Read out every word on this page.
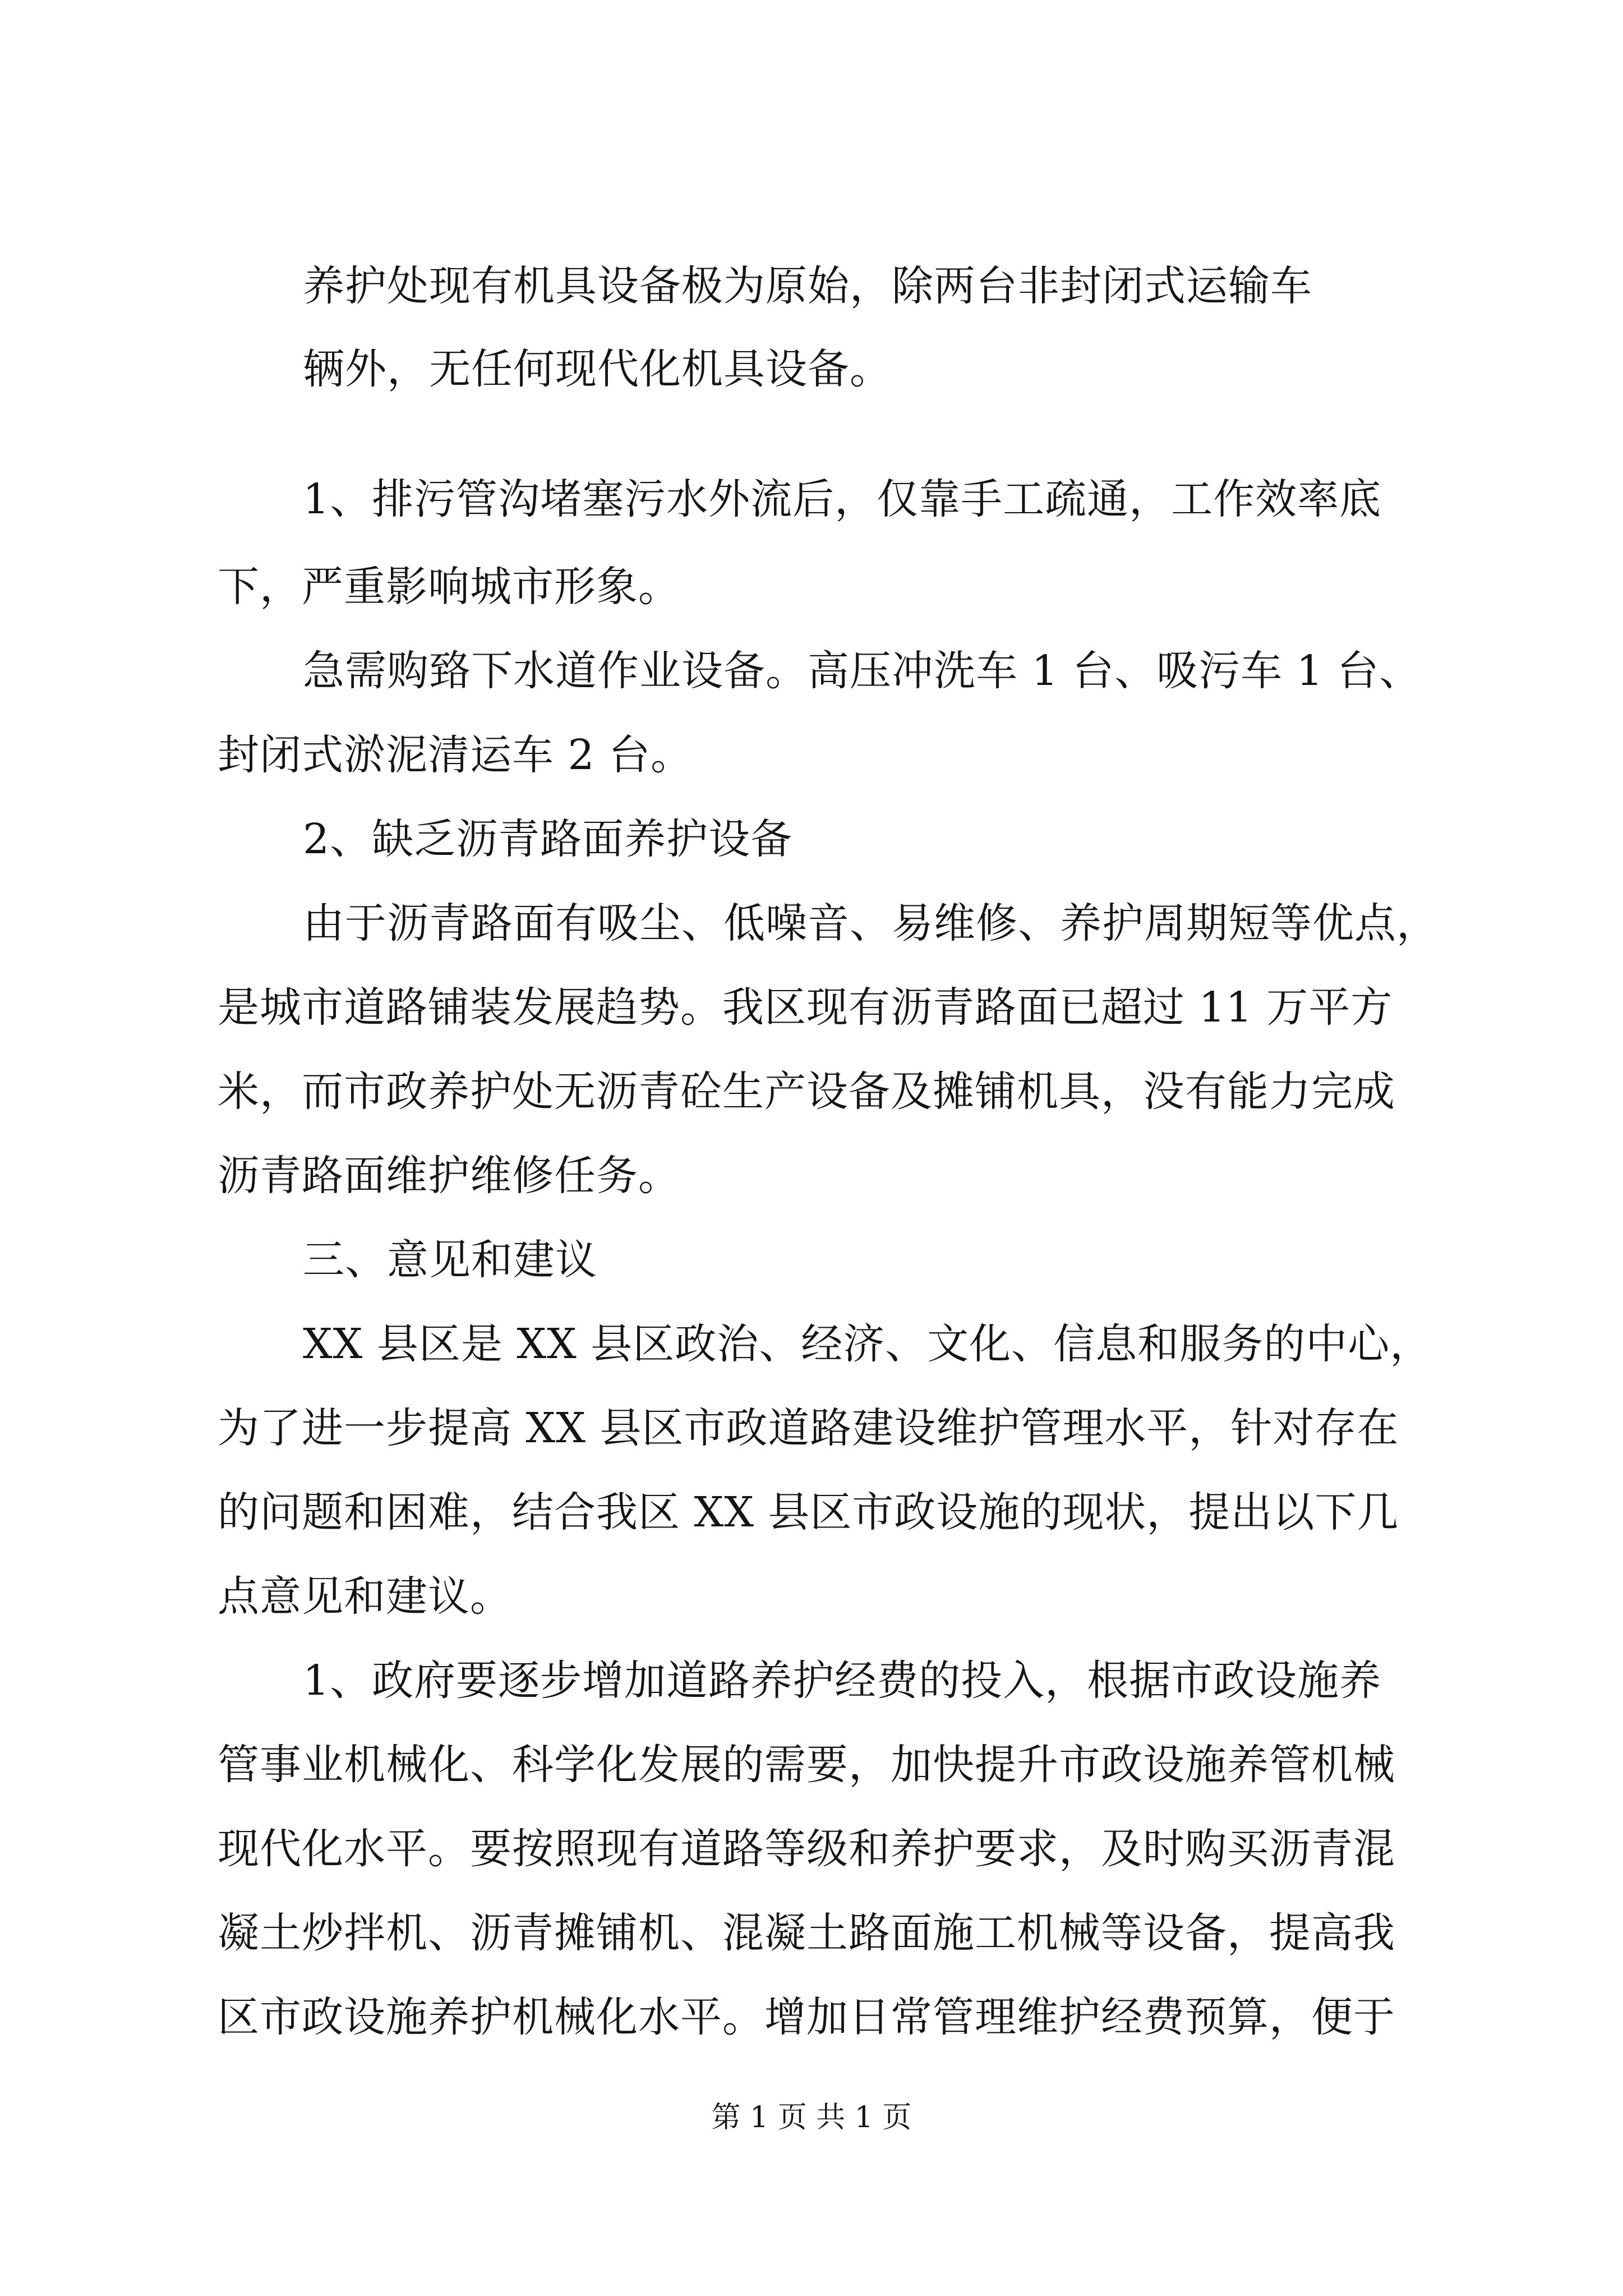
养护处现有机具设备极为原始，除两台非封闭式运输车

辆外，无任何现代化机具设备。

1、排污管沟堵塞污水外流后，仅靠手工疏通，工作效率底

下，严重影响城市形象。

急需购臵下水道作业设备。高压冲洗车 1 台、吸污车 1 台、

封闭式淤泥清运车 2 台。

2、缺乏沥青路面养护设备

由于沥青路面有吸尘、低噪音、易维修、养护周期短等优点，

是城市道路铺装发展趋势。我区现有沥青路面已超过 11 万平方

米，而市政养护处无沥青砼生产设备及摊铺机具，没有能力完成

沥青路面维护维修任务。

三、意见和建议

XX 县区是 XX 县区政治、经济、文化、信息和服务的中心，

为了进一步提高 XX 县区市政道路建设维护管理水平，针对存在

的问题和困难，结合我区 XX 县区市政设施的现状，提出以下几

点意见和建议。

1、政府要逐步增加道路养护经费的投入，根据市政设施养

管事业机械化、科学化发展的需要，加快提升市政设施养管机械

现代化水平。要按照现有道路等级和养护要求，及时购买沥青混

凝土炒拌机、沥青摊铺机、混凝土路面施工机械等设备，提高我

区市政设施养护机械化水平。增加日常管理维护经费预算，便于

第 1 页 共 1 页
